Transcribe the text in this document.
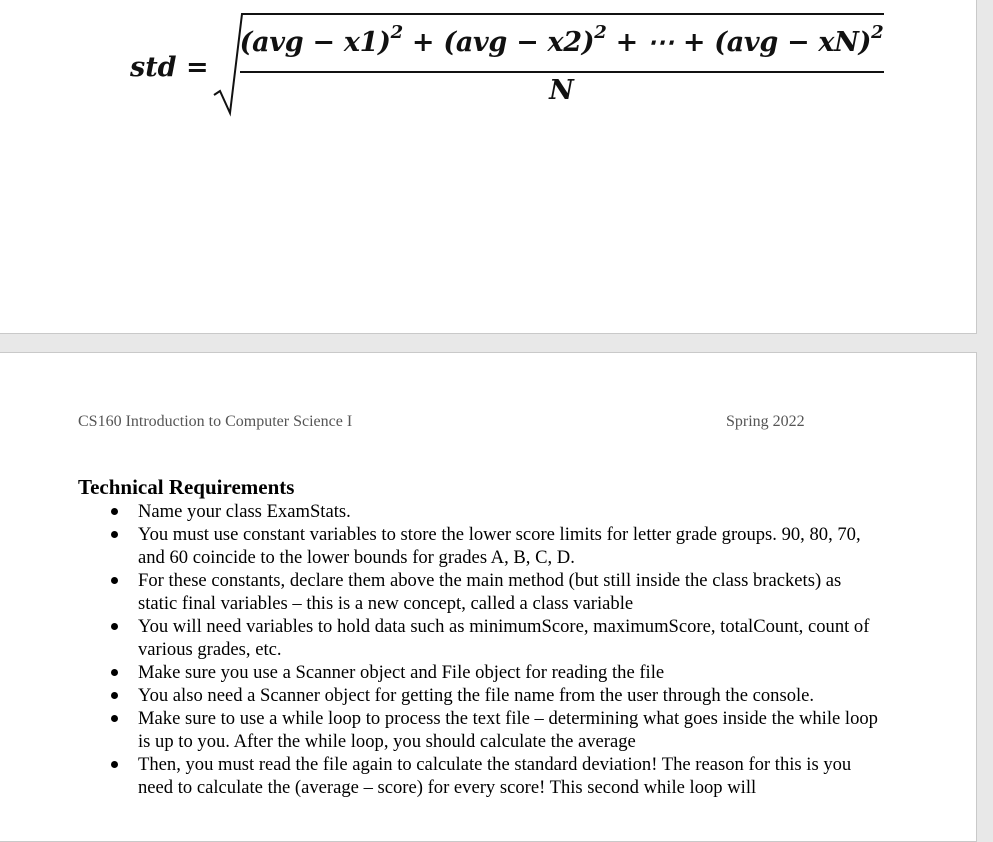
std =
(avg − x1)$^2$ + (avg − x2)$^2$ + ⋯ + (avg − xN)$^2$
N
CS160 Introduction to Computer Science I	Spring 2022
Technical Requirements
Name your class ExamStats.
You must use constant variables to store the lower score limits for letter grade groups. 90, 80, 70, and 60 coincide to the lower bounds for grades A, B, C, D.
For these constants, declare them above the main method (but still inside the class brackets) as static final variables – this is a new concept, called a class variable
You will need variables to hold data such as minimumScore, maximumScore, totalCount, count of various grades, etc.
Make sure you use a Scanner object and File object for reading the file
You also need a Scanner object for getting the file name from the user through the console.
Make sure to use a while loop to process the text file – determining what goes inside the while loop is up to you. After the while loop, you should calculate the average
Then, you must read the file again to calculate the standard deviation! The reason for this is you need to calculate the (average – score) for every score! This second while loop will
